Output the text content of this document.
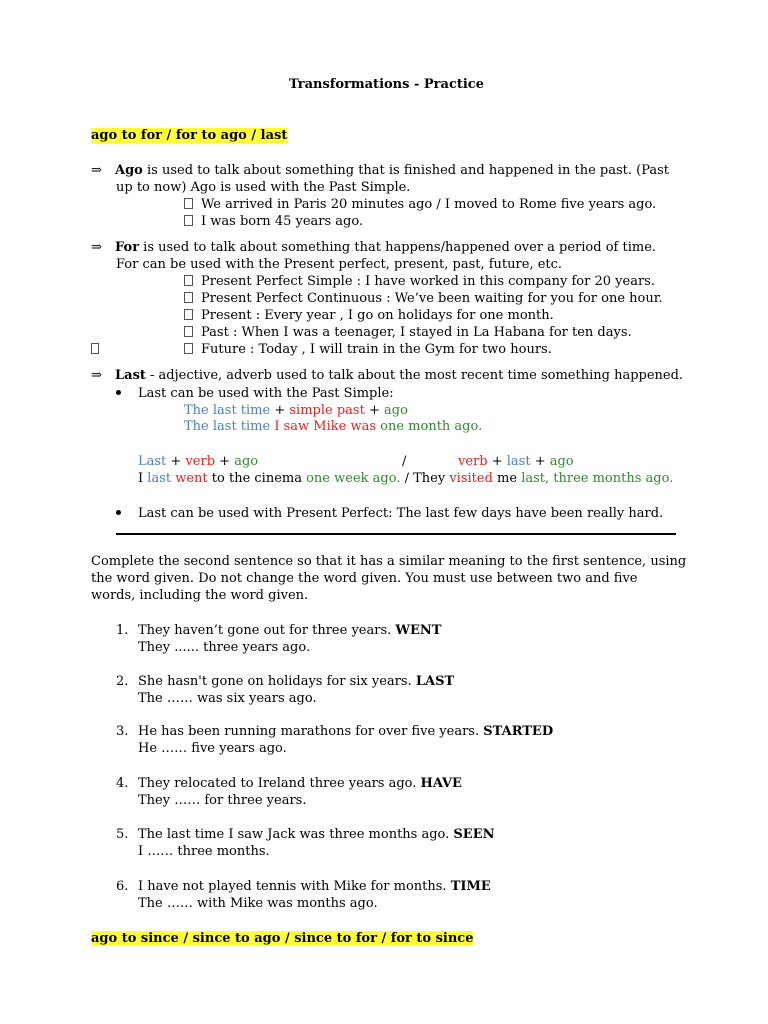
Transformations - Practice
ago to for / for to ago / last
⇒ Ago is used to talk about something that is finished and happened in the past. (Past
up to now) Ago is used with the Past Simple.
We arrived in Paris 20 minutes ago / I moved to Rome five years ago.
I was born 45 years ago.
⇒ For is used to talk about something that happens/happened over a period of time.
For can be used with the Present perfect, present, past, future, etc.
Present Perfect Simple : I have worked in this company for 20 years.
Present Perfect Continuous : We’ve been waiting for you for one hour.
Present : Every year , I go on holidays for one month.
Past : When I was a teenager, I stayed in La Habana for ten days.
Future : Today , I will train in the Gym for two hours.
⇒ Last - adjective, adverb used to talk about the most recent time something happened.
Last can be used with the Past Simple:
The last time + simple past + ago
The last time I saw Mike was one month ago.
Last + verb + ago	/	verb + last + ago
I last went to the cinema one week ago. / They visited me last, three months ago.
Last can be used with Present Perfect: The last few days have been really hard.
Complete the second sentence so that it has a similar meaning to the first sentence, using
the word given. Do not change the word given. You must use between two and five
words, including the word given.
1. They haven’t gone out for three years. WENT
They ...... three years ago.
2. She hasn't gone on holidays for six years. LAST
The …… was six years ago.
3. He has been running marathons for over five years. STARTED
He …… five years ago.
4. They relocated to Ireland three years ago. HAVE
They …… for three years.
5. The last time I saw Jack was three months ago. SEEN
I …… three months.
6. I have not played tennis with Mike for months. TIME
The …… with Mike was months ago.
ago to since / since to ago / since to for / for to since
